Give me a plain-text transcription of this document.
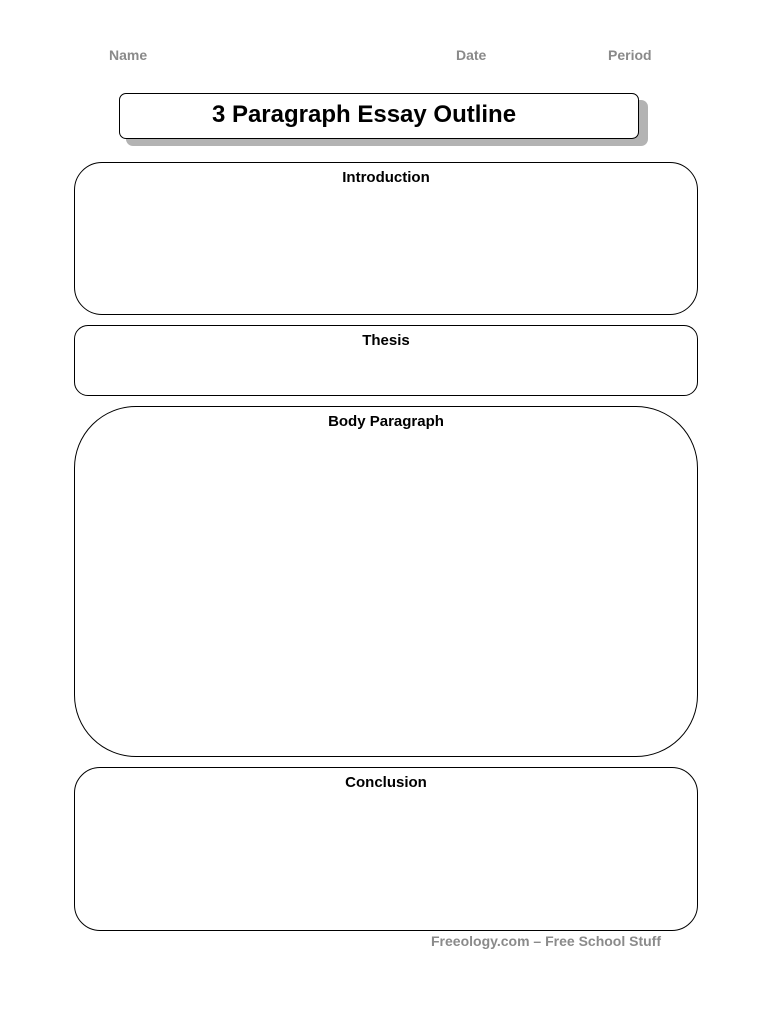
Name	Date	Period
3 Paragraph Essay Outline
Introduction
Thesis
Body Paragraph
Conclusion
Freeology.com – Free School Stuff
